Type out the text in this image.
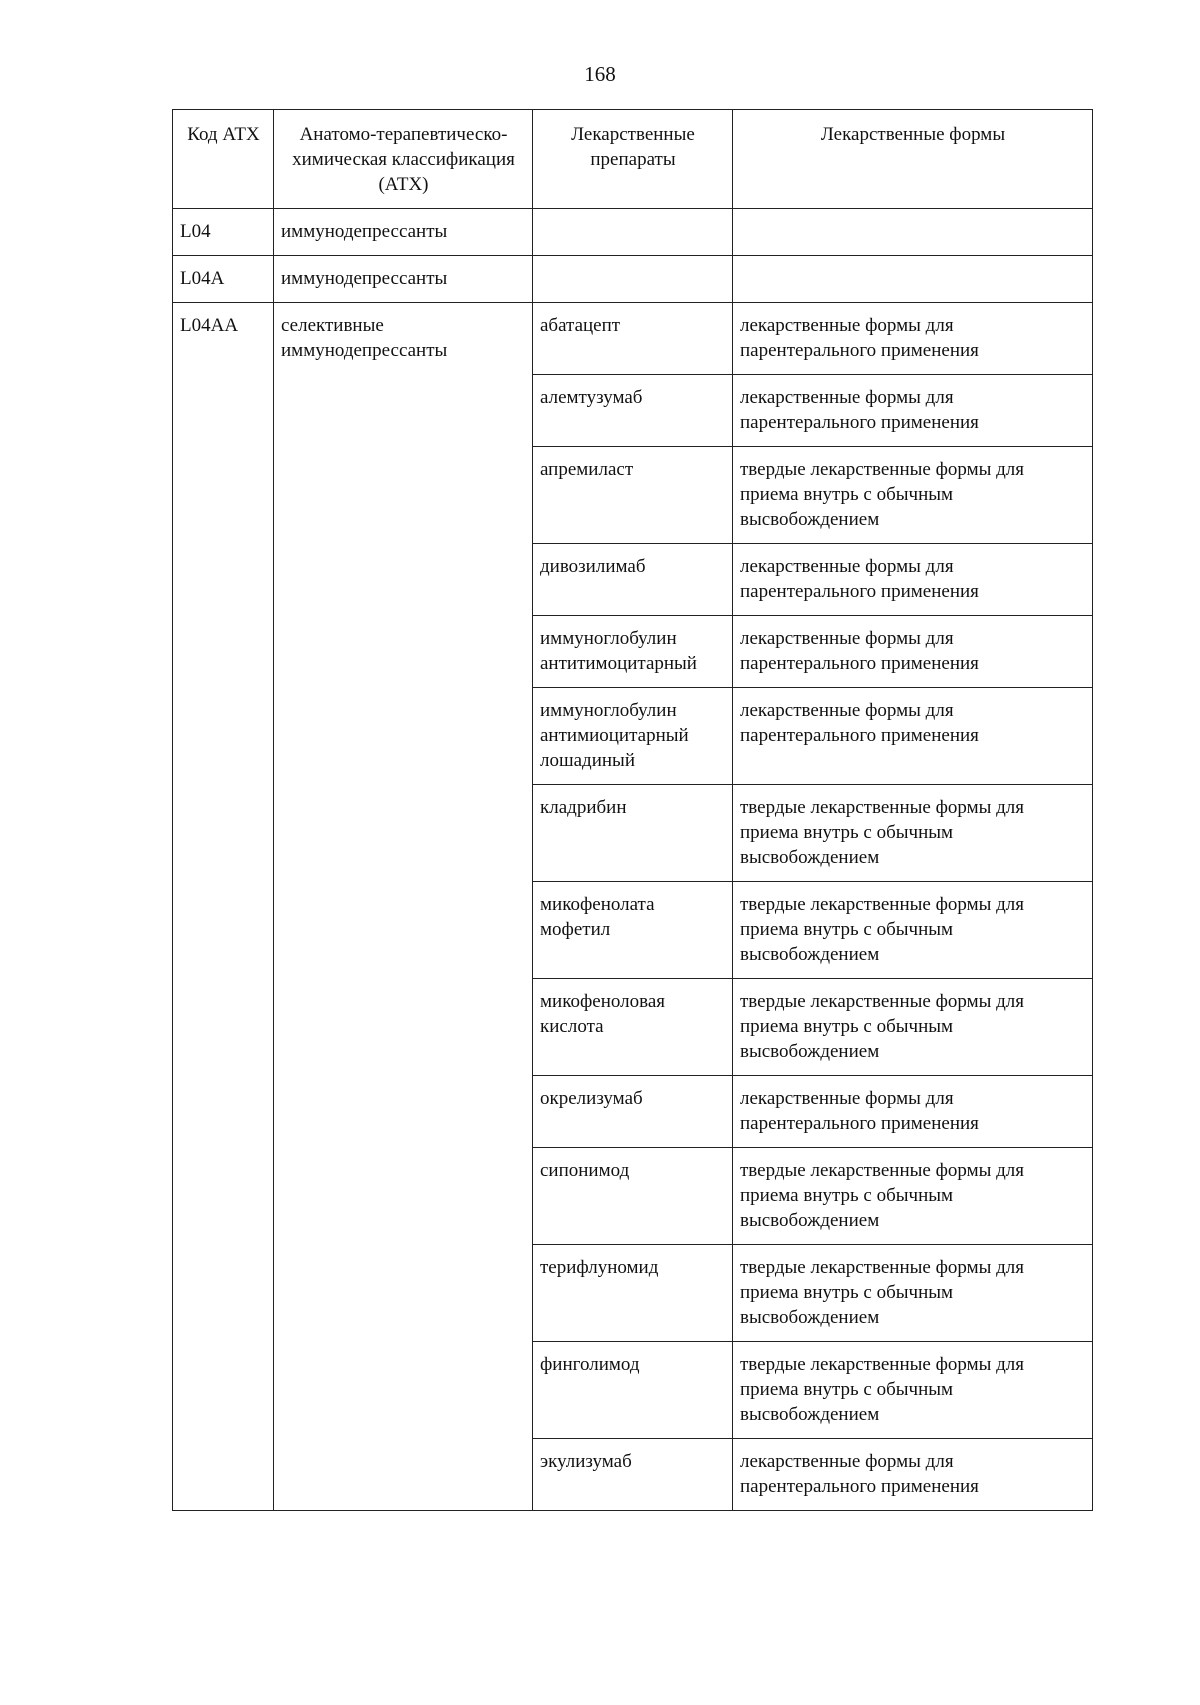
168
Код АТХ	Анатомо-терапевтическо-химическая классификация (АТХ)	Лекарственные препараты	Лекарственные формы
L04	иммунодепрессанты		
L04A	иммунодепрессанты		
L04AA	селективные иммунодепрессанты	абатацепт	лекарственные формы для парентерального применения
		алемтузумаб	лекарственные формы для парентерального применения
		апремиласт	твердые лекарственные формы для приема внутрь с обычным высвобождением
		дивозилимаб	лекарственные формы для парентерального применения
		иммуноглобулин антитимоцитарный	лекарственные формы для парентерального применения
		иммуноглобулин антимиоцитарный лошадиный	лекарственные формы для парентерального применения
		кладрибин	твердые лекарственные формы для приема внутрь с обычным высвобождением
		микофенолата мофетил	твердые лекарственные формы для приема внутрь с обычным высвобождением
		микофеноловая кислота	твердые лекарственные формы для приема внутрь с обычным высвобождением
		окрелизумаб	лекарственные формы для парентерального применения
		сипонимод	твердые лекарственные формы для приема внутрь с обычным высвобождением
		терифлуномид	твердые лекарственные формы для приема внутрь с обычным высвобождением
		финголимод	твердые лекарственные формы для приема внутрь с обычным высвобождением
		экулизумаб	лекарственные формы для парентерального применения
